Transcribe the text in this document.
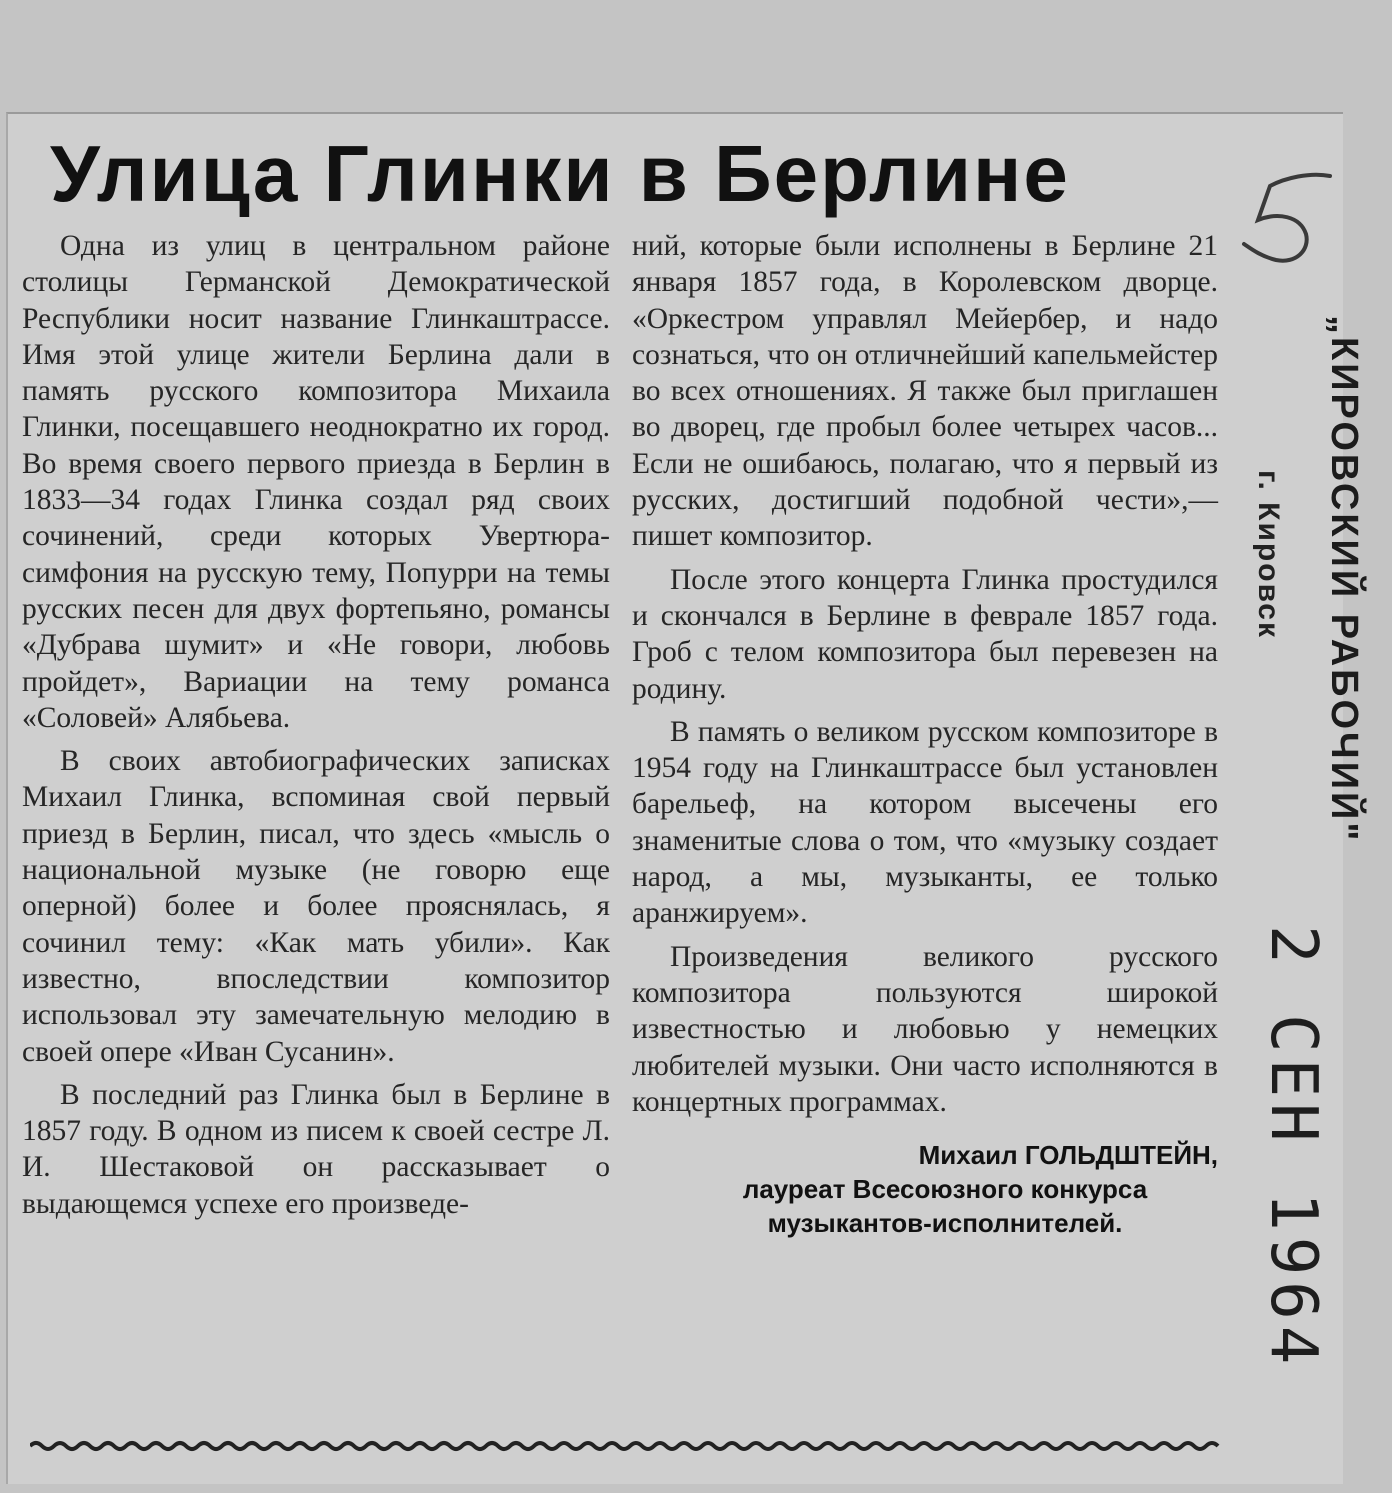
Улица Глинки в Берлине

Одна из улиц в центральном районе столицы Германской Демократической Республики носит название Глинкаштрассе. Имя этой улице жители Берлина дали в память русского композитора Михаила Глинки, посещавшего неоднократно их город. Во время своего первого приезда в Берлин в 1833—34 годах Глинка создал ряд своих сочинений, среди которых Увертюра-симфония на русскую тему, Попурри на темы русских песен для двух фортепьяно, романсы «Дубрава шумит» и «Не говори, любовь пройдет», Вариации на тему романса «Соловей» Алябьева.

В своих автобиографических записках Михаил Глинка, вспоминая свой первый приезд в Берлин, писал, что здесь «мысль о национальной музыке (не говорю еще оперной) более и более прояснялась, я сочинил тему: «Как мать убили». Как известно, впоследствии композитор использовал эту замечательную мелодию в своей опере «Иван Сусанин».

В последний раз Глинка был в Берлине в 1857 году. В одном из писем к своей сестре Л. И. Шестаковой он рассказывает о выдающемся успехе его произведе-

ний, которые были исполнены в Берлине 21 января 1857 года, в Королевском дворце. «Оркестром управлял Мейербер, и надо сознаться, что он отличнейший капельмейстер во всех отношениях. Я также был приглашен во дворец, где пробыл более четырех часов... Если не ошибаюсь, полагаю, что я первый из русских, достигший подобной чести»,— пишет композитор.

После этого концерта Глинка простудился и скончался в Берлине в феврале 1857 года. Гроб с телом композитора был перевезен на родину.

В память о великом русском композиторе в 1954 году на Глинкаштрассе был установлен барельеф, на котором высечены его знаменитые слова о том, что «музыку создает народ, а мы, музыканты, ее только аранжируем».

Произведения великого русского композитора пользуются широкой известностью и любовью у немецких любителей музыки. Они часто исполняются в концертных программах.

Михаил ГОЛЬДШТЕЙН,
лауреат Всесоюзного конкурса
музыкантов-исполнителей.
„КИРОВСКИЙ РАБОЧИЙ"
г. Кировск
2 СЕН 1964
